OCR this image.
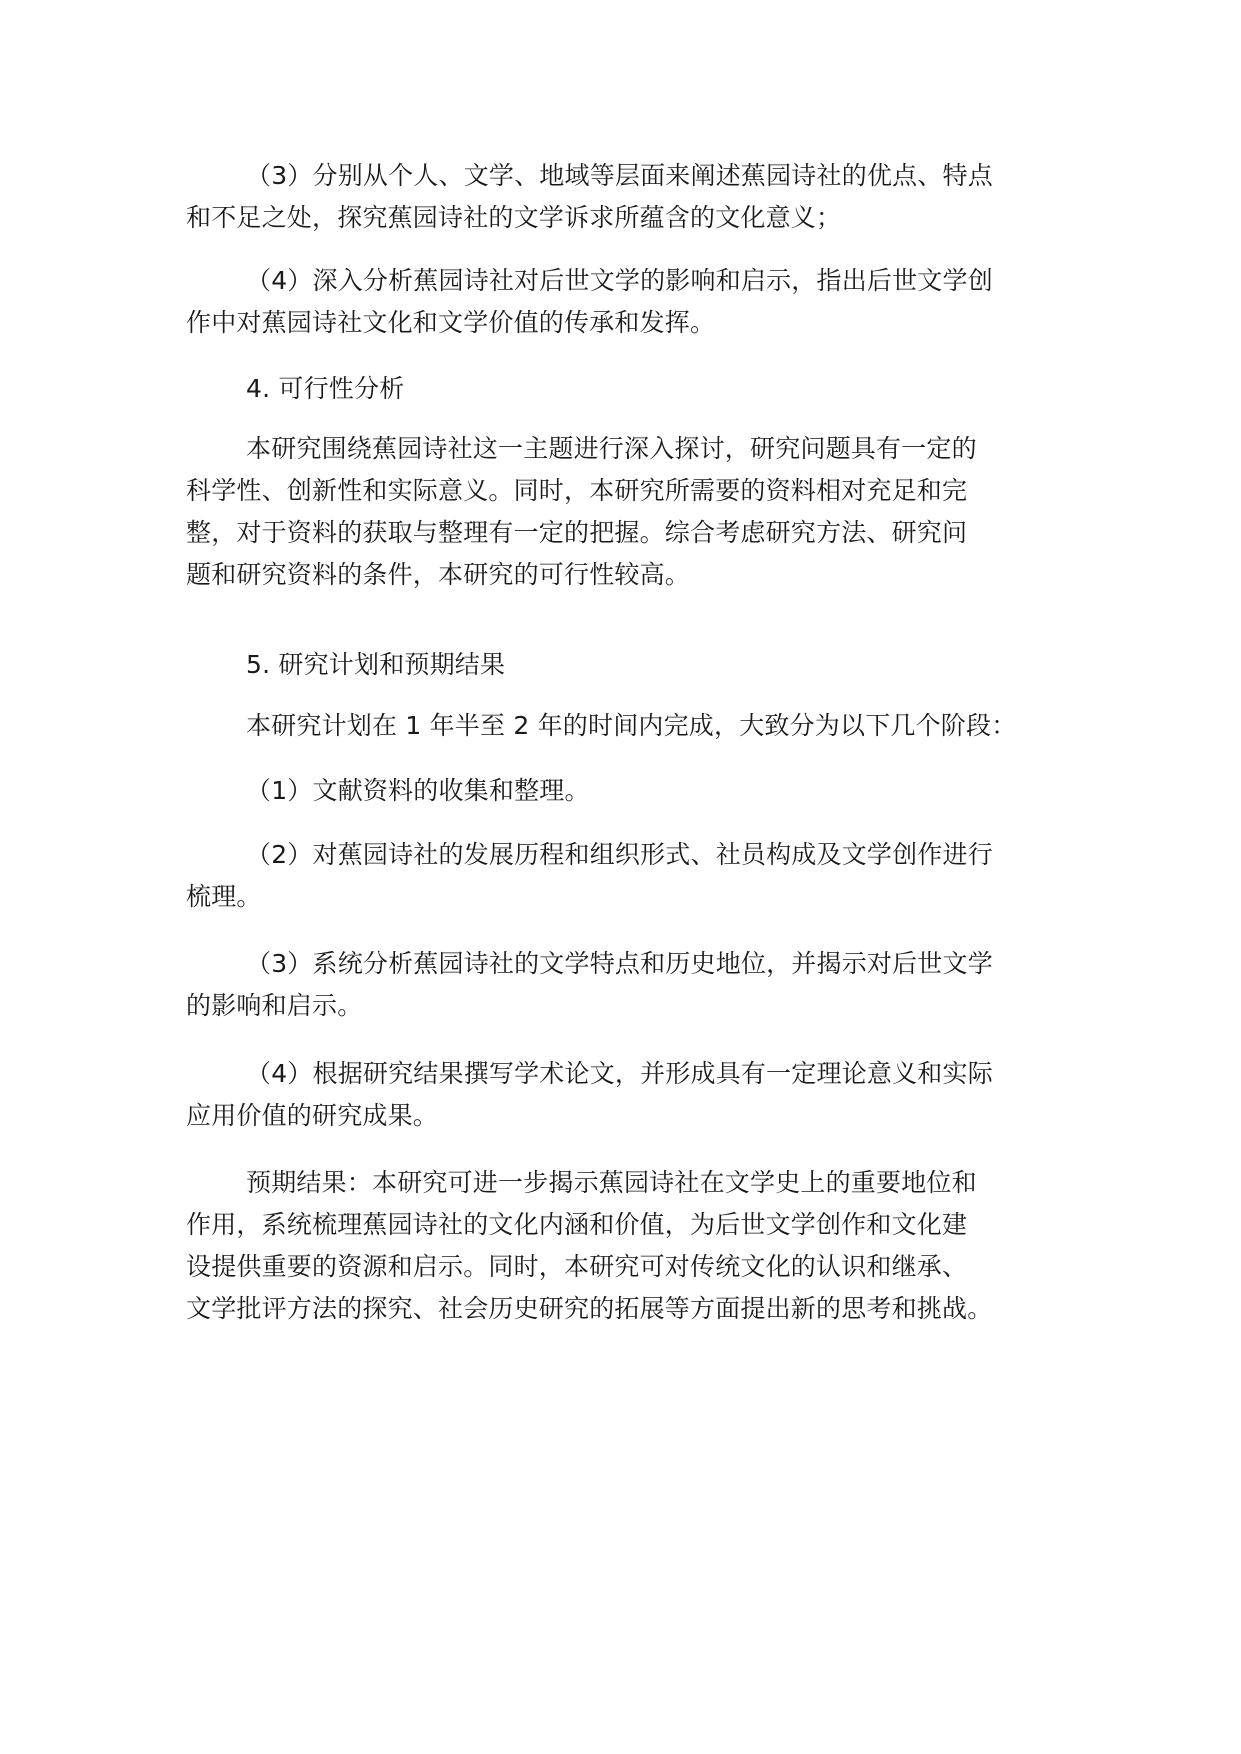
（3）分别从个人、文学、地域等层面来阐述蕉园诗社的优点、特点
和不足之处，探究蕉园诗社的文学诉求所蕴含的文化意义；
（4）深入分析蕉园诗社对后世文学的影响和启示，指出后世文学创
作中对蕉园诗社文化和文学价值的传承和发挥。
4. 可行性分析
本研究围绕蕉园诗社这一主题进行深入探讨，研究问题具有一定的
科学性、创新性和实际意义。同时，本研究所需要的资料相对充足和完
整，对于资料的获取与整理有一定的把握。综合考虑研究方法、研究问
题和研究资料的条件，本研究的可行性较高。
5. 研究计划和预期结果
本研究计划在 1 年半至 2 年的时间内完成，大致分为以下几个阶段：
（1）文献资料的收集和整理。
（2）对蕉园诗社的发展历程和组织形式、社员构成及文学创作进行
梳理。
（3）系统分析蕉园诗社的文学特点和历史地位，并揭示对后世文学
的影响和启示。
（4）根据研究结果撰写学术论文，并形成具有一定理论意义和实际
应用价值的研究成果。
预期结果：本研究可进一步揭示蕉园诗社在文学史上的重要地位和
作用，系统梳理蕉园诗社的文化内涵和价值，为后世文学创作和文化建
设提供重要的资源和启示。同时，本研究可对传统文化的认识和继承、
文学批评方法的探究、社会历史研究的拓展等方面提出新的思考和挑战。
